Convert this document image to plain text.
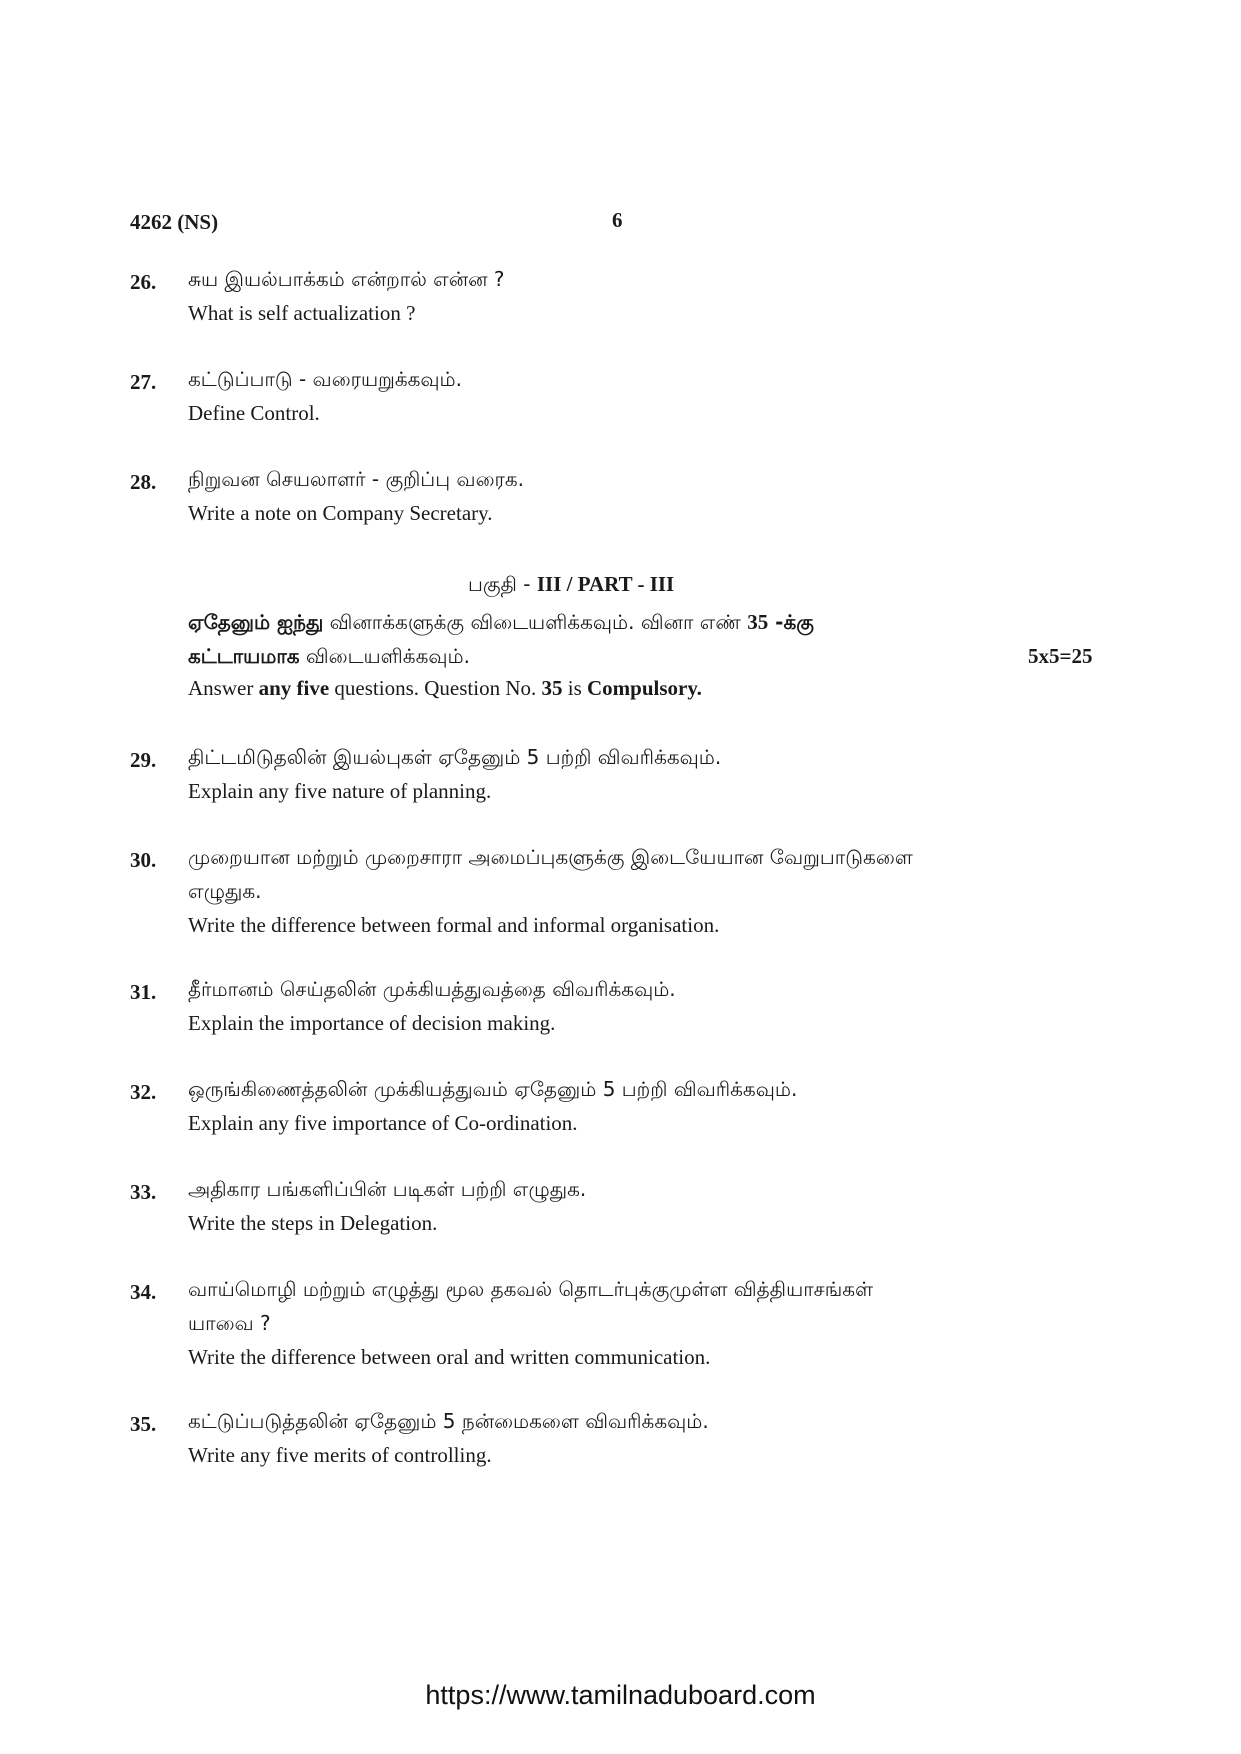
4262 (NS)	6
26. சுய இயல்பாக்கம் என்றால் என்ன ?
What is self actualization ?
27. கட்டுப்பாடு - வரையறுக்கவும்.
Define Control.
28. நிறுவன செயலாளர் - குறிப்பு வரைக.
Write a note on Company Secretary.
பகுதி - III / PART - III
ஏதேனும் ஐந்து வினாக்களுக்கு விடையளிக்கவும். வினா எண் 35 -க்கு
கட்டாயமாக விடையளிக்கவும்.	5x5=25
Answer any five questions. Question No. 35 is Compulsory.
29. திட்டமிடுதலின் இயல்புகள் ஏதேனும் 5 பற்றி விவரிக்கவும்.
Explain any five nature of planning.
30. முறையான மற்றும் முறைசாரா அமைப்புகளுக்கு இடையேயான வேறுபாடுகளை
எழுதுக.
Write the difference between formal and informal organisation.
31. தீர்மானம் செய்தலின் முக்கியத்துவத்தை விவரிக்கவும்.
Explain the importance of decision making.
32. ஒருங்கிணைத்தலின் முக்கியத்துவம் ஏதேனும் 5 பற்றி விவரிக்கவும்.
Explain any five importance of Co-ordination.
33. அதிகார பங்களிப்பின் படிகள் பற்றி எழுதுக.
Write the steps in Delegation.
34. வாய்மொழி மற்றும் எழுத்து மூல தகவல் தொடர்புக்குமுள்ள வித்தியாசங்கள்
யாவை ?
Write the difference between oral and written communication.
35. கட்டுப்படுத்தலின் ஏதேனும் 5 நன்மைகளை விவரிக்கவும்.
Write any five merits of controlling.
https://www.tamilnaduboard.com
